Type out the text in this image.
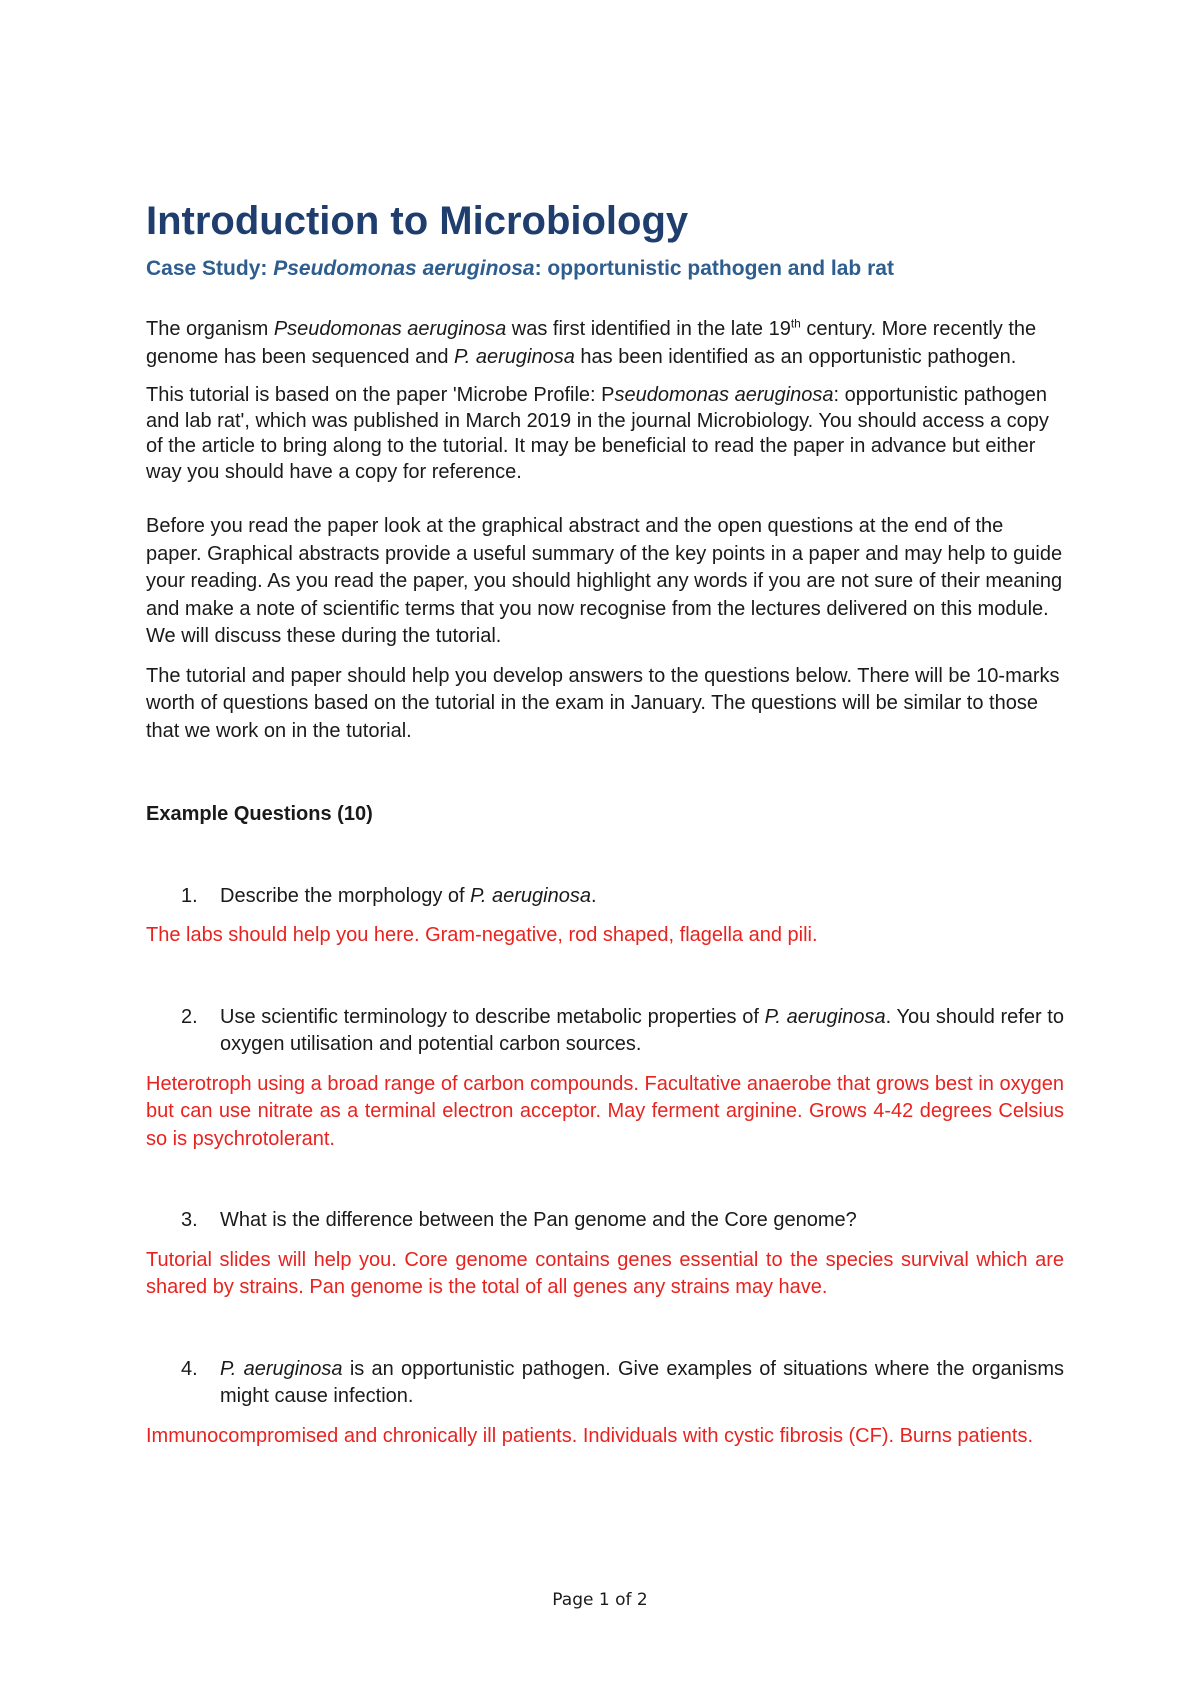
Introduction to Microbiology
Case Study: Pseudomonas aeruginosa: opportunistic pathogen and lab rat

The organism Pseudomonas aeruginosa was first identified in the late 19th century. More recently the genome has been sequenced and P. aeruginosa has been identified as an opportunistic pathogen.

This tutorial is based on the paper 'Microbe Profile: Pseudomonas aeruginosa: opportunistic pathogen and lab rat', which was published in March 2019 in the journal Microbiology. You should access a copy of the article to bring along to the tutorial. It may be beneficial to read the paper in advance but either way you should have a copy for reference.

Before you read the paper look at the graphical abstract and the open questions at the end of the paper. Graphical abstracts provide a useful summary of the key points in a paper and may help to guide your reading. As you read the paper, you should highlight any words if you are not sure of their meaning and make a note of scientific terms that you now recognise from the lectures delivered on this module. We will discuss these during the tutorial.

The tutorial and paper should help you develop answers to the questions below. There will be 10-marks worth of questions based on the tutorial in the exam in January. The questions will be similar to those that we work on in the tutorial.

Example Questions (10)

1. Describe the morphology of P. aeruginosa.

The labs should help you here. Gram-negative, rod shaped, flagella and pili.

2. Use scientific terminology to describe metabolic properties of P. aeruginosa. You should refer to oxygen utilisation and potential carbon sources.

Heterotroph using a broad range of carbon compounds. Facultative anaerobe that grows best in oxygen but can use nitrate as a terminal electron acceptor. May ferment arginine. Grows 4-42 degrees Celsius so is psychrotolerant.

3. What is the difference between the Pan genome and the Core genome?

Tutorial slides will help you. Core genome contains genes essential to the species survival which are shared by strains. Pan genome is the total of all genes any strains may have.

4. P. aeruginosa is an opportunistic pathogen. Give examples of situations where the organisms might cause infection.

Immunocompromised and chronically ill patients. Individuals with cystic fibrosis (CF). Burns patients.

Page 1 of 2
